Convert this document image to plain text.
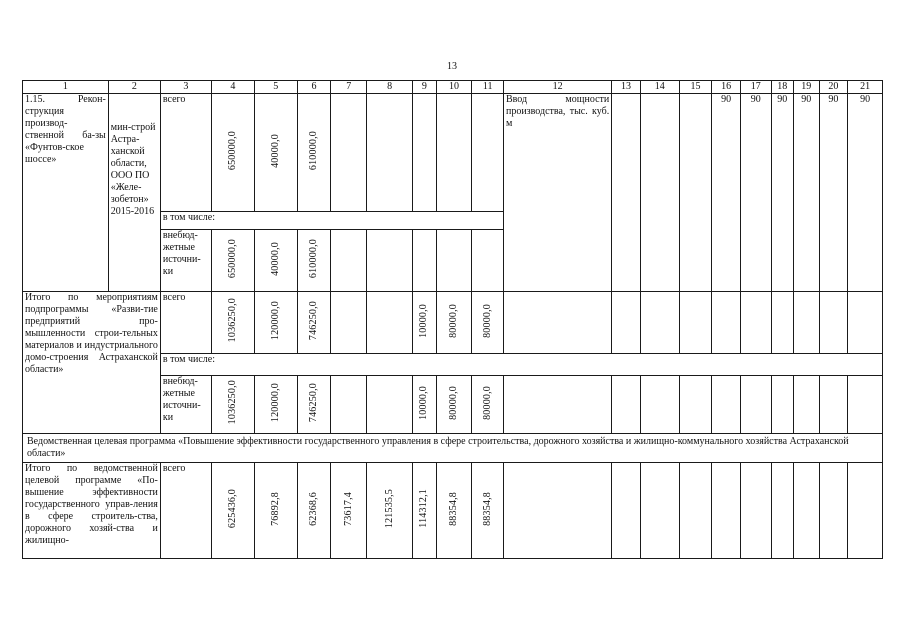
13
1	2	3	4	5	6	7	8	9	10	11	12	13	14	15	16	17	18	19	20	21
1.15. Рекон-струкция производ-ственной ба-зы «Фунтов-ское шоссе»	мин-строй Астра-ханской области, ООО ПО «Желе-зобетон» 2015-2016	всего	650000,0	40000,0	610000,0						Ввод мощности производства, тыс. куб. м				90	90	90	90	90	90
		в том числе:																		
		внебюд-жетные источни-ки	650000,0	40000,0	610000,0															
Итого по мероприятиям подпрограммы «Разви-тие предприятий про-мышленности строи-тельных материалов и индустриального домо-строения Астраханской области»		всего	1036250,0	120000,0	746250,0			10000,0	80000,0	80000,0										
		в том числе:																		
		внебюд-жетные источни-ки	1036250,0	120000,0	746250,0			10000,0	80000,0	80000,0										
Ведомственная целевая программа «Повышение эффективности государственного управления в сфере строительства, дорожного хозяйства и жилищно-коммунального хозяйства Астраханской области»																				
Итого по ведомственной целевой программе «По-вышение эффективности государственного управ-ления в сфере строитель-ства, дорожного хозяй-ства и жилищно-		всего	625436,0	76892,8	62368,6	73617,4	121535,5	114312,1	88354,8	88354,8										
